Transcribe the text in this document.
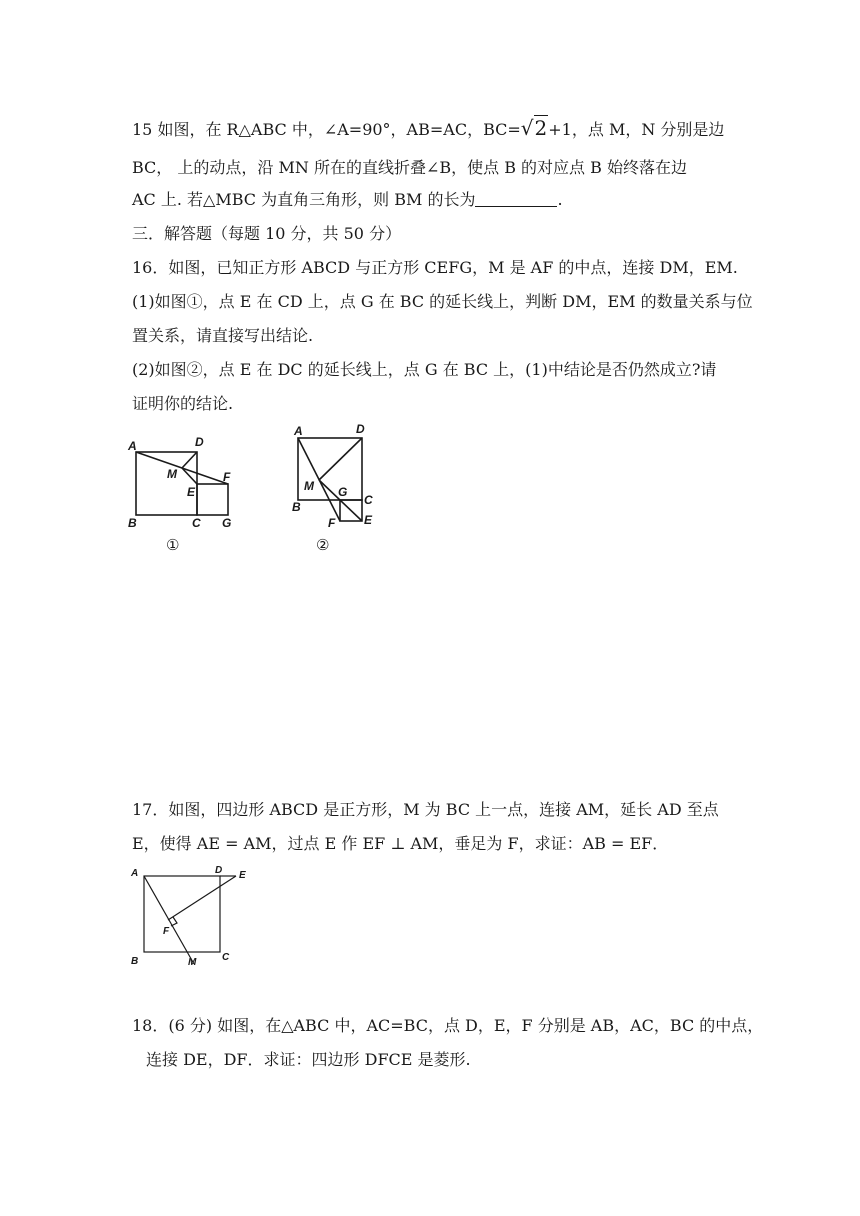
15 如图，在 R△ABC 中，∠A=90°，AB=AC，BC=√2+1，点 M，N 分别是边
BC， 上的动点，沿 MN 所在的直线折叠∠B，使点 B 的对应点 B 始终落在边
AC 上. 若△MBC 为直角三角形，则 BM 的长为	.
三．解答题（每题 10 分，共 50 分）
16．如图，已知正方形 ABCD 与正方形 CEFG，M 是 AF 的中点，连接 DM，EM.
(1)如图①，点 E 在 CD 上，点 G 在 BC 的延长线上，判断 DM，EM 的数量关系与位
置关系，请直接写出结论.
(2)如图②，点 E 在 DC 的延长线上，点 G 在 BC 上，(1)中结论是否仍然成立?请
证明你的结论.
A	D
M
E
F
B	C G
①
A	D
M G
C
B
F E
②
17．如图，四边形 ABCD 是正方形，M 为 BC 上一点，连接 AM，延长 AD 至点
E，使得 AE = AM，过点 E 作 EF ⊥ AM，垂足为 F，求证：AB = EF．
A	D E
F
B	M	C
18．(6 分) 如图，在△ABC 中，AC=BC，点 D，E，F 分别是 AB，AC，BC 的中点，
连接 DE，DF．求证：四边形 DFCE 是菱形.
